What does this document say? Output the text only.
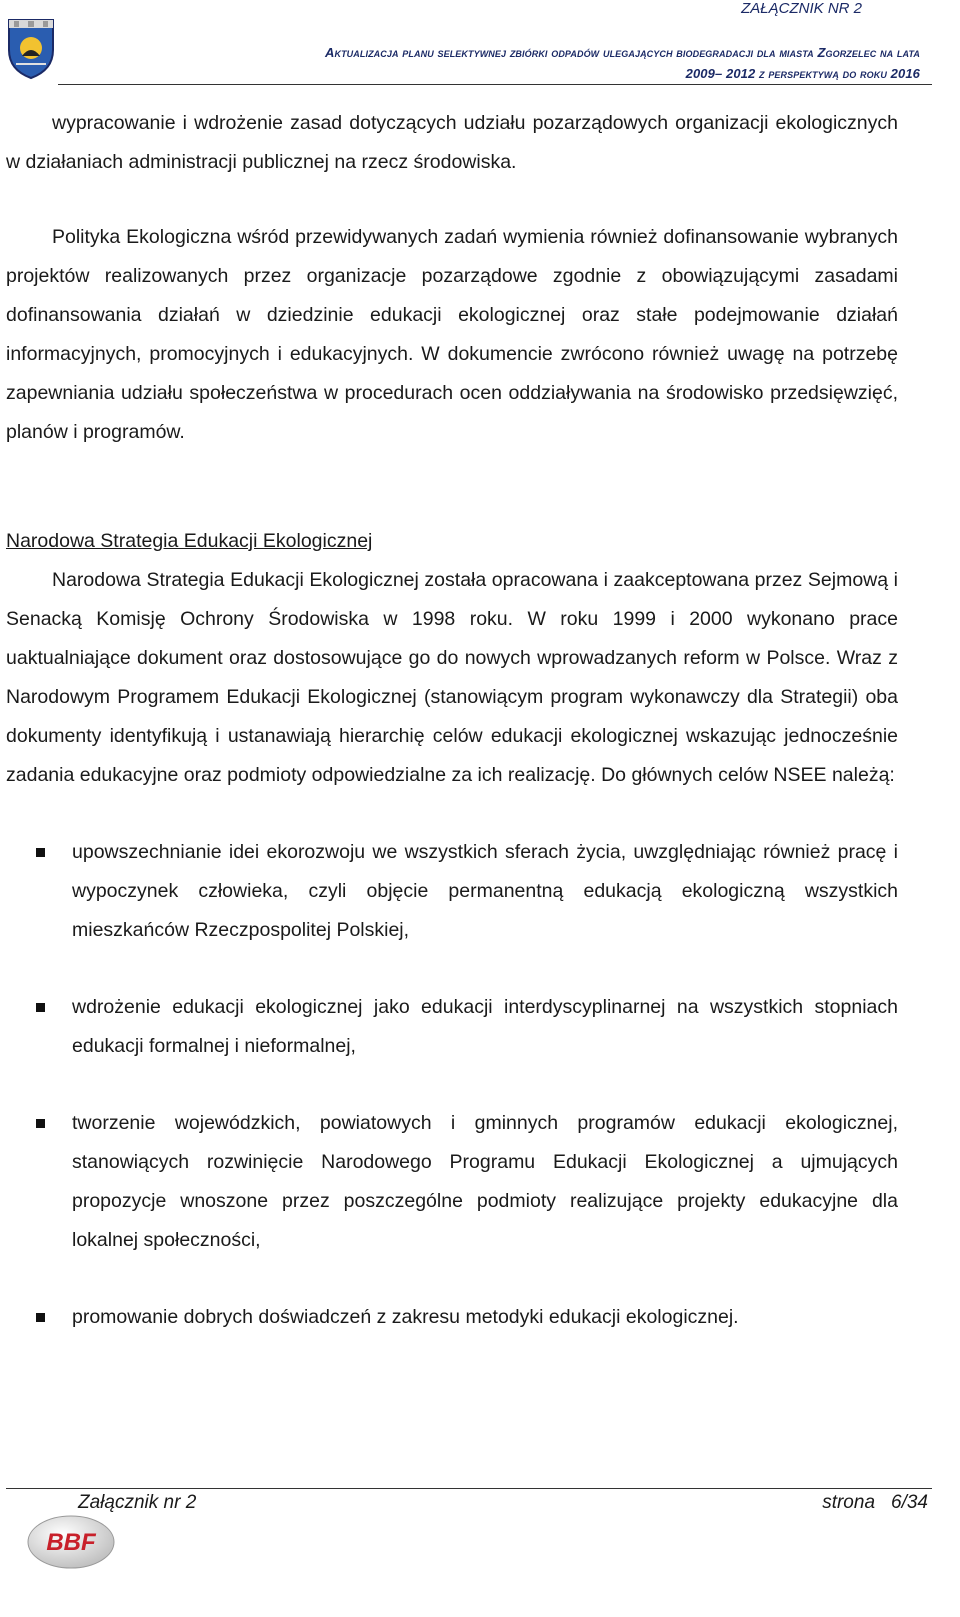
ZAŁĄCZNIK NR 2
Aktualizacja planu selektywnej zbiórki odpadów ulegających biodegradacji dla miasta Zgorzelec na lata
2009– 2012 z perspektywą do roku 2016

wypracowanie i wdrożenie zasad dotyczących udziału pozarządowych organizacji ekologicznych w działaniach administracji publicznej na rzecz środowiska.

Polityka Ekologiczna wśród przewidywanych zadań wymienia również dofinansowanie wybranych projektów realizowanych przez organizacje pozarządowe zgodnie z obowiązującymi zasadami dofinansowania działań w dziedzinie edukacji ekologicznej oraz stałe podejmowanie działań informacyjnych, promocyjnych i edukacyjnych. W dokumencie zwrócono również uwagę na potrzebę zapewniania udziału społeczeństwa w procedurach ocen oddziaływania na środowisko przedsięwzięć, planów i programów.

Narodowa Strategia Edukacji Ekologicznej

Narodowa Strategia Edukacji Ekologicznej została opracowana i zaakceptowana przez Sejmową i Senacką Komisję Ochrony Środowiska w 1998 roku. W roku 1999 i 2000 wykonano prace uaktualniające dokument oraz dostosowujące go do nowych wprowadzanych reform w Polsce. Wraz z Narodowym Programem Edukacji Ekologicznej (stanowiącym program wykonawczy dla Strategii) oba dokumenty identyfikują i ustanawiają hierarchię celów edukacji ekologicznej wskazując jednocześnie zadania edukacyjne oraz podmioty odpowiedzialne za ich realizację. Do głównych celów NSEE należą:

upowszechnianie idei ekorozwoju we wszystkich sferach życia, uwzględniając również pracę i wypoczynek człowieka, czyli objęcie permanentną edukacją ekologiczną wszystkich mieszkańców Rzeczpospolitej Polskiej,
wdrożenie edukacji ekologicznej jako edukacji interdyscyplinarnej na wszystkich stopniach edukacji formalnej i nieformalnej,
tworzenie wojewódzkich, powiatowych i gminnych programów edukacji ekologicznej, stanowiących rozwinięcie Narodowego Programu Edukacji Ekologicznej a ujmujących propozycje wnoszone przez poszczególne podmioty realizujące projekty edukacyjne dla lokalnej społeczności,
promowanie dobrych doświadczeń z zakresu metodyki edukacji ekologicznej.
Załącznik nr 2	strona 6/34
BBF
